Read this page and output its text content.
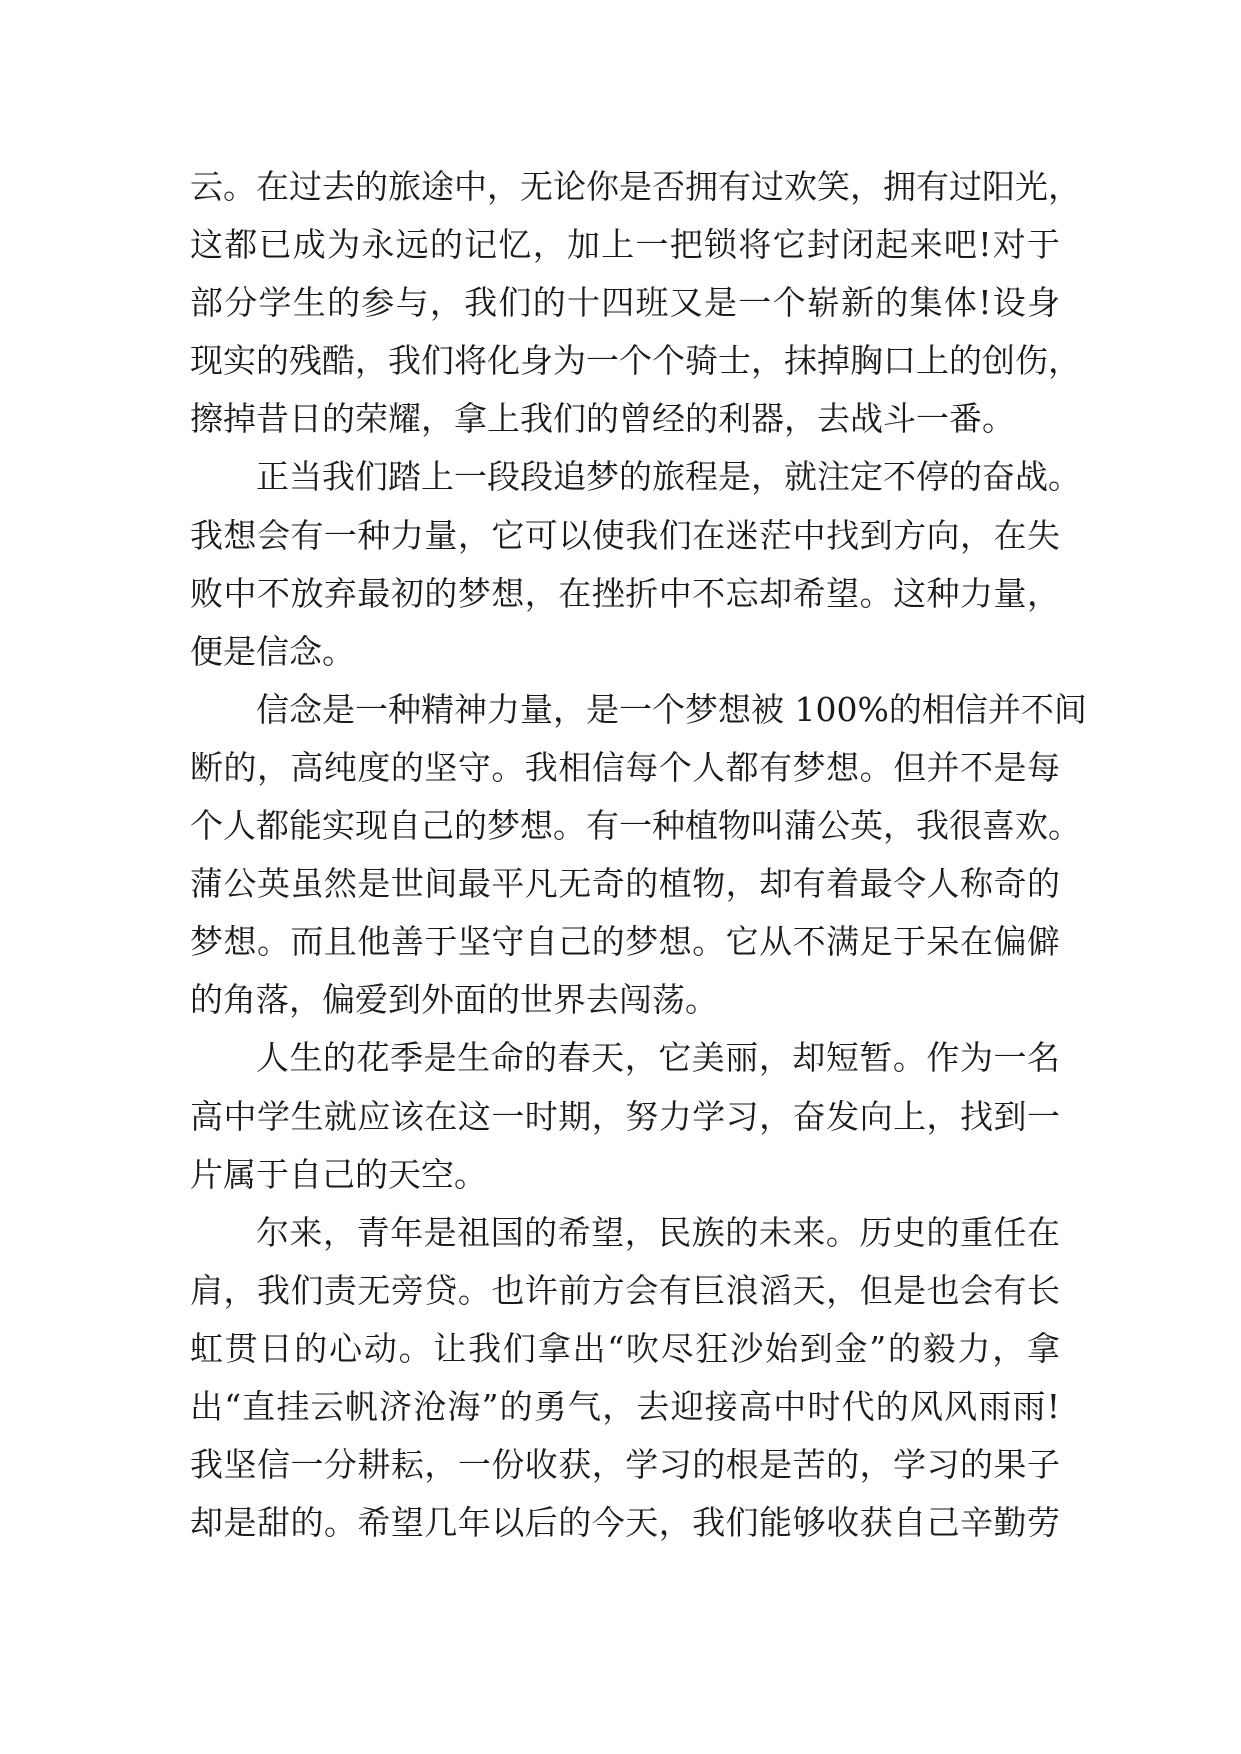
云。在过去的旅途中，无论你是否拥有过欢笑，拥有过阳光，
这都已成为永远的记忆，加上一把锁将它封闭起来吧!对于
部分学生的参与，我们的十四班又是一个崭新的集体!设身
现实的残酷，我们将化身为一个个骑士，抹掉胸口上的创伤，
擦掉昔日的荣耀，拿上我们的曾经的利器，去战斗一番。
正当我们踏上一段段追梦的旅程是，就注定不停的奋战。
我想会有一种力量，它可以使我们在迷茫中找到方向，在失
败中不放弃最初的梦想，在挫折中不忘却希望。这种力量，
便是信念。
信念是一种精神力量，是一个梦想被 100%的相信并不间
断的，高纯度的坚守。我相信每个人都有梦想。但并不是每
个人都能实现自己的梦想。有一种植物叫蒲公英，我很喜欢。
蒲公英虽然是世间最平凡无奇的植物，却有着最令人称奇的
梦想。而且他善于坚守自己的梦想。它从不满足于呆在偏僻
的角落，偏爱到外面的世界去闯荡。
人生的花季是生命的春天，它美丽，却短暂。作为一名
高中学生就应该在这一时期，努力学习，奋发向上，找到一
片属于自己的天空。
尔来，青年是祖国的希望，民族的未来。历史的重任在
肩，我们责无旁贷。也许前方会有巨浪滔天，但是也会有长
虹贯日的心动。让我们拿出“吹尽狂沙始到金”的毅力，拿
出“直挂云帆济沧海”的勇气，去迎接高中时代的风风雨雨!
我坚信一分耕耘，一份收获，学习的根是苦的，学习的果子
却是甜的。希望几年以后的今天，我们能够收获自己辛勤劳
